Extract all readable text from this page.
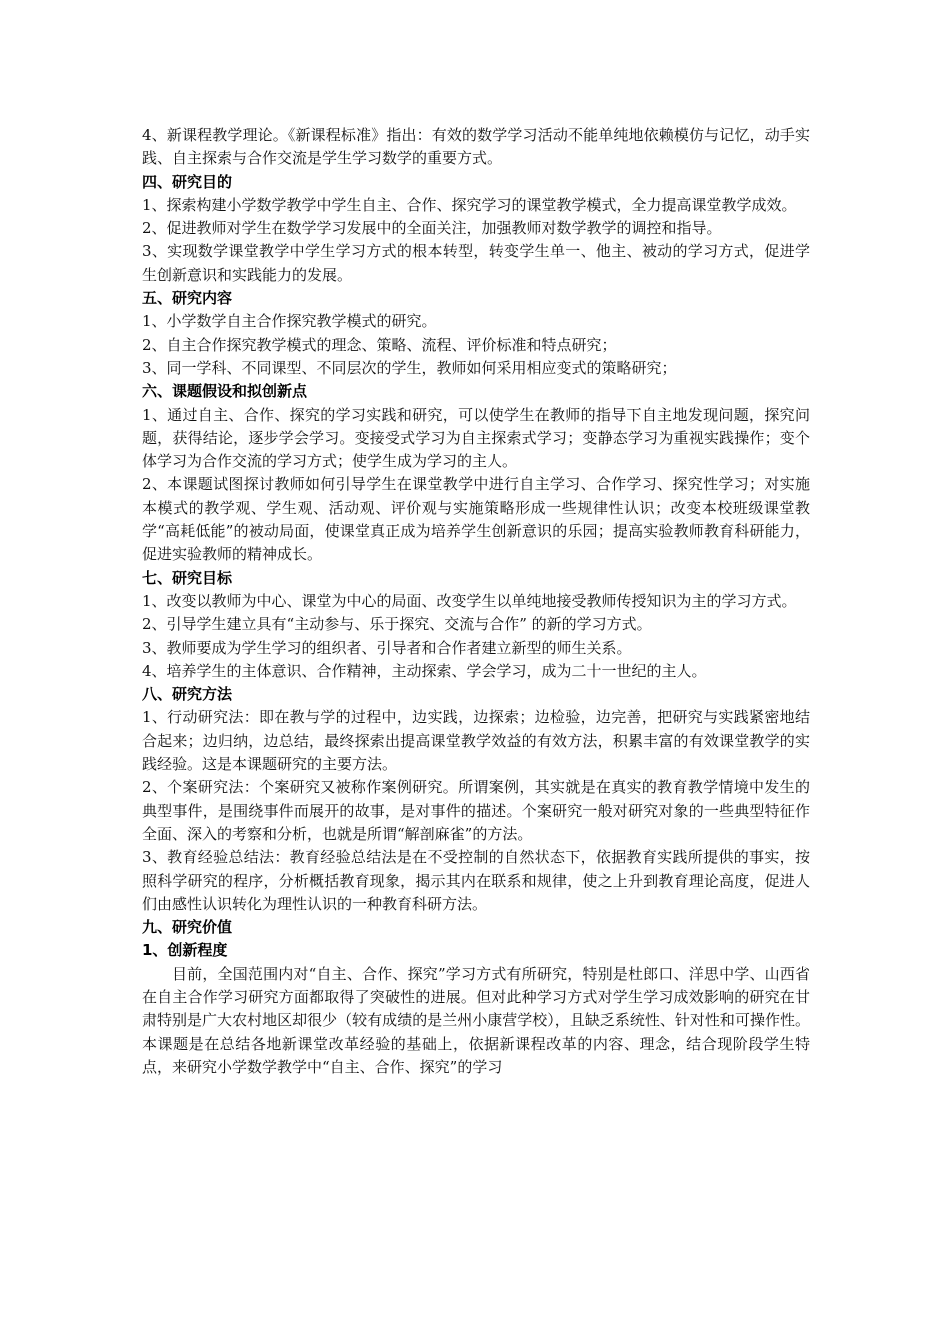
4、新课程教学理论。《新课程标准》指出：有效的数学学习活动不能单纯地依赖模仿与记忆，动手实践、自主探索与合作交流是学生学习数学的重要方式。

四、研究目的

1、探索构建小学数学教学中学生自主、合作、探究学习的课堂教学模式，全力提高课堂教学成效。

2、促进教师对学生在数学学习发展中的全面关注，加强教师对数学教学的调控和指导。

3、实现数学课堂教学中学生学习方式的根本转型，转变学生单一、他主、被动的学习方式，促进学生创新意识和实践能力的发展。

五、研究内容

1、小学数学自主合作探究教学模式的研究。

2、自主合作探究教学模式的理念、策略、流程、评价标准和特点研究；

3、同一学科、不同课型、不同层次的学生，教师如何采用相应变式的策略研究；

六、课题假设和拟创新点

1、通过自主、合作、探究的学习实践和研究，可以使学生在教师的指导下自主地发现问题，探究问题，获得结论，逐步学会学习。变接受式学习为自主探索式学习；变静态学习为重视实践操作；变个体学习为合作交流的学习方式；使学生成为学习的主人。

2、本课题试图探讨教师如何引导学生在课堂教学中进行自主学习、合作学习、探究性学习；对实施本模式的教学观、学生观、活动观、评价观与实施策略形成一些规律性认识；改变本校班级课堂教学“高耗低能”的被动局面，使课堂真正成为培养学生创新意识的乐园；提高实验教师教育科研能力，促进实验教师的精神成长。

七、研究目标

1、改变以教师为中心、课堂为中心的局面、改变学生以单纯地接受教师传授知识为主的学习方式。

2、引导学生建立具有“主动参与、乐于探究、交流与合作” 的新的学习方式。

3、教师要成为学生学习的组织者、引导者和合作者建立新型的师生关系。

4、培养学生的主体意识、合作精神，主动探索、学会学习，成为二十一世纪的主人。

八、研究方法

1、行动研究法：即在教与学的过程中，边实践，边探索；边检验，边完善，把研究与实践紧密地结合起来；边归纳，边总结，最终探索出提高课堂教学效益的有效方法，积累丰富的有效课堂教学的实践经验。这是本课题研究的主要方法。

2、个案研究法：个案研究又被称作案例研究。所谓案例，其实就是在真实的教育教学情境中发生的典型事件，是围绕事件而展开的故事，是对事件的描述。个案研究一般对研究对象的一些典型特征作全面、深入的考察和分析，也就是所谓“解剖麻雀”的方法。

3、教育经验总结法：教育经验总结法是在不受控制的自然状态下，依据教育实践所提供的事实，按照科学研究的程序，分析概括教育现象，揭示其内在联系和规律，使之上升到教育理论高度，促进人们由感性认识转化为理性认识的一种教育科研方法。

九、研究价值

1、创新程度

目前，全国范围内对“自主、合作、探究”学习方式有所研究，特别是杜郎口、洋思中学、山西省在自主合作学习研究方面都取得了突破性的进展。但对此种学习方式对学生学习成效影响的研究在甘肃特别是广大农村地区却很少（较有成绩的是兰州小康营学校），且缺乏系统性、针对性和可操作性。本课题是在总结各地新课堂改革经验的基础上，依据新课程改革的内容、理念，结合现阶段学生特点，来研究小学数学教学中“自主、合作、探究”的学习
